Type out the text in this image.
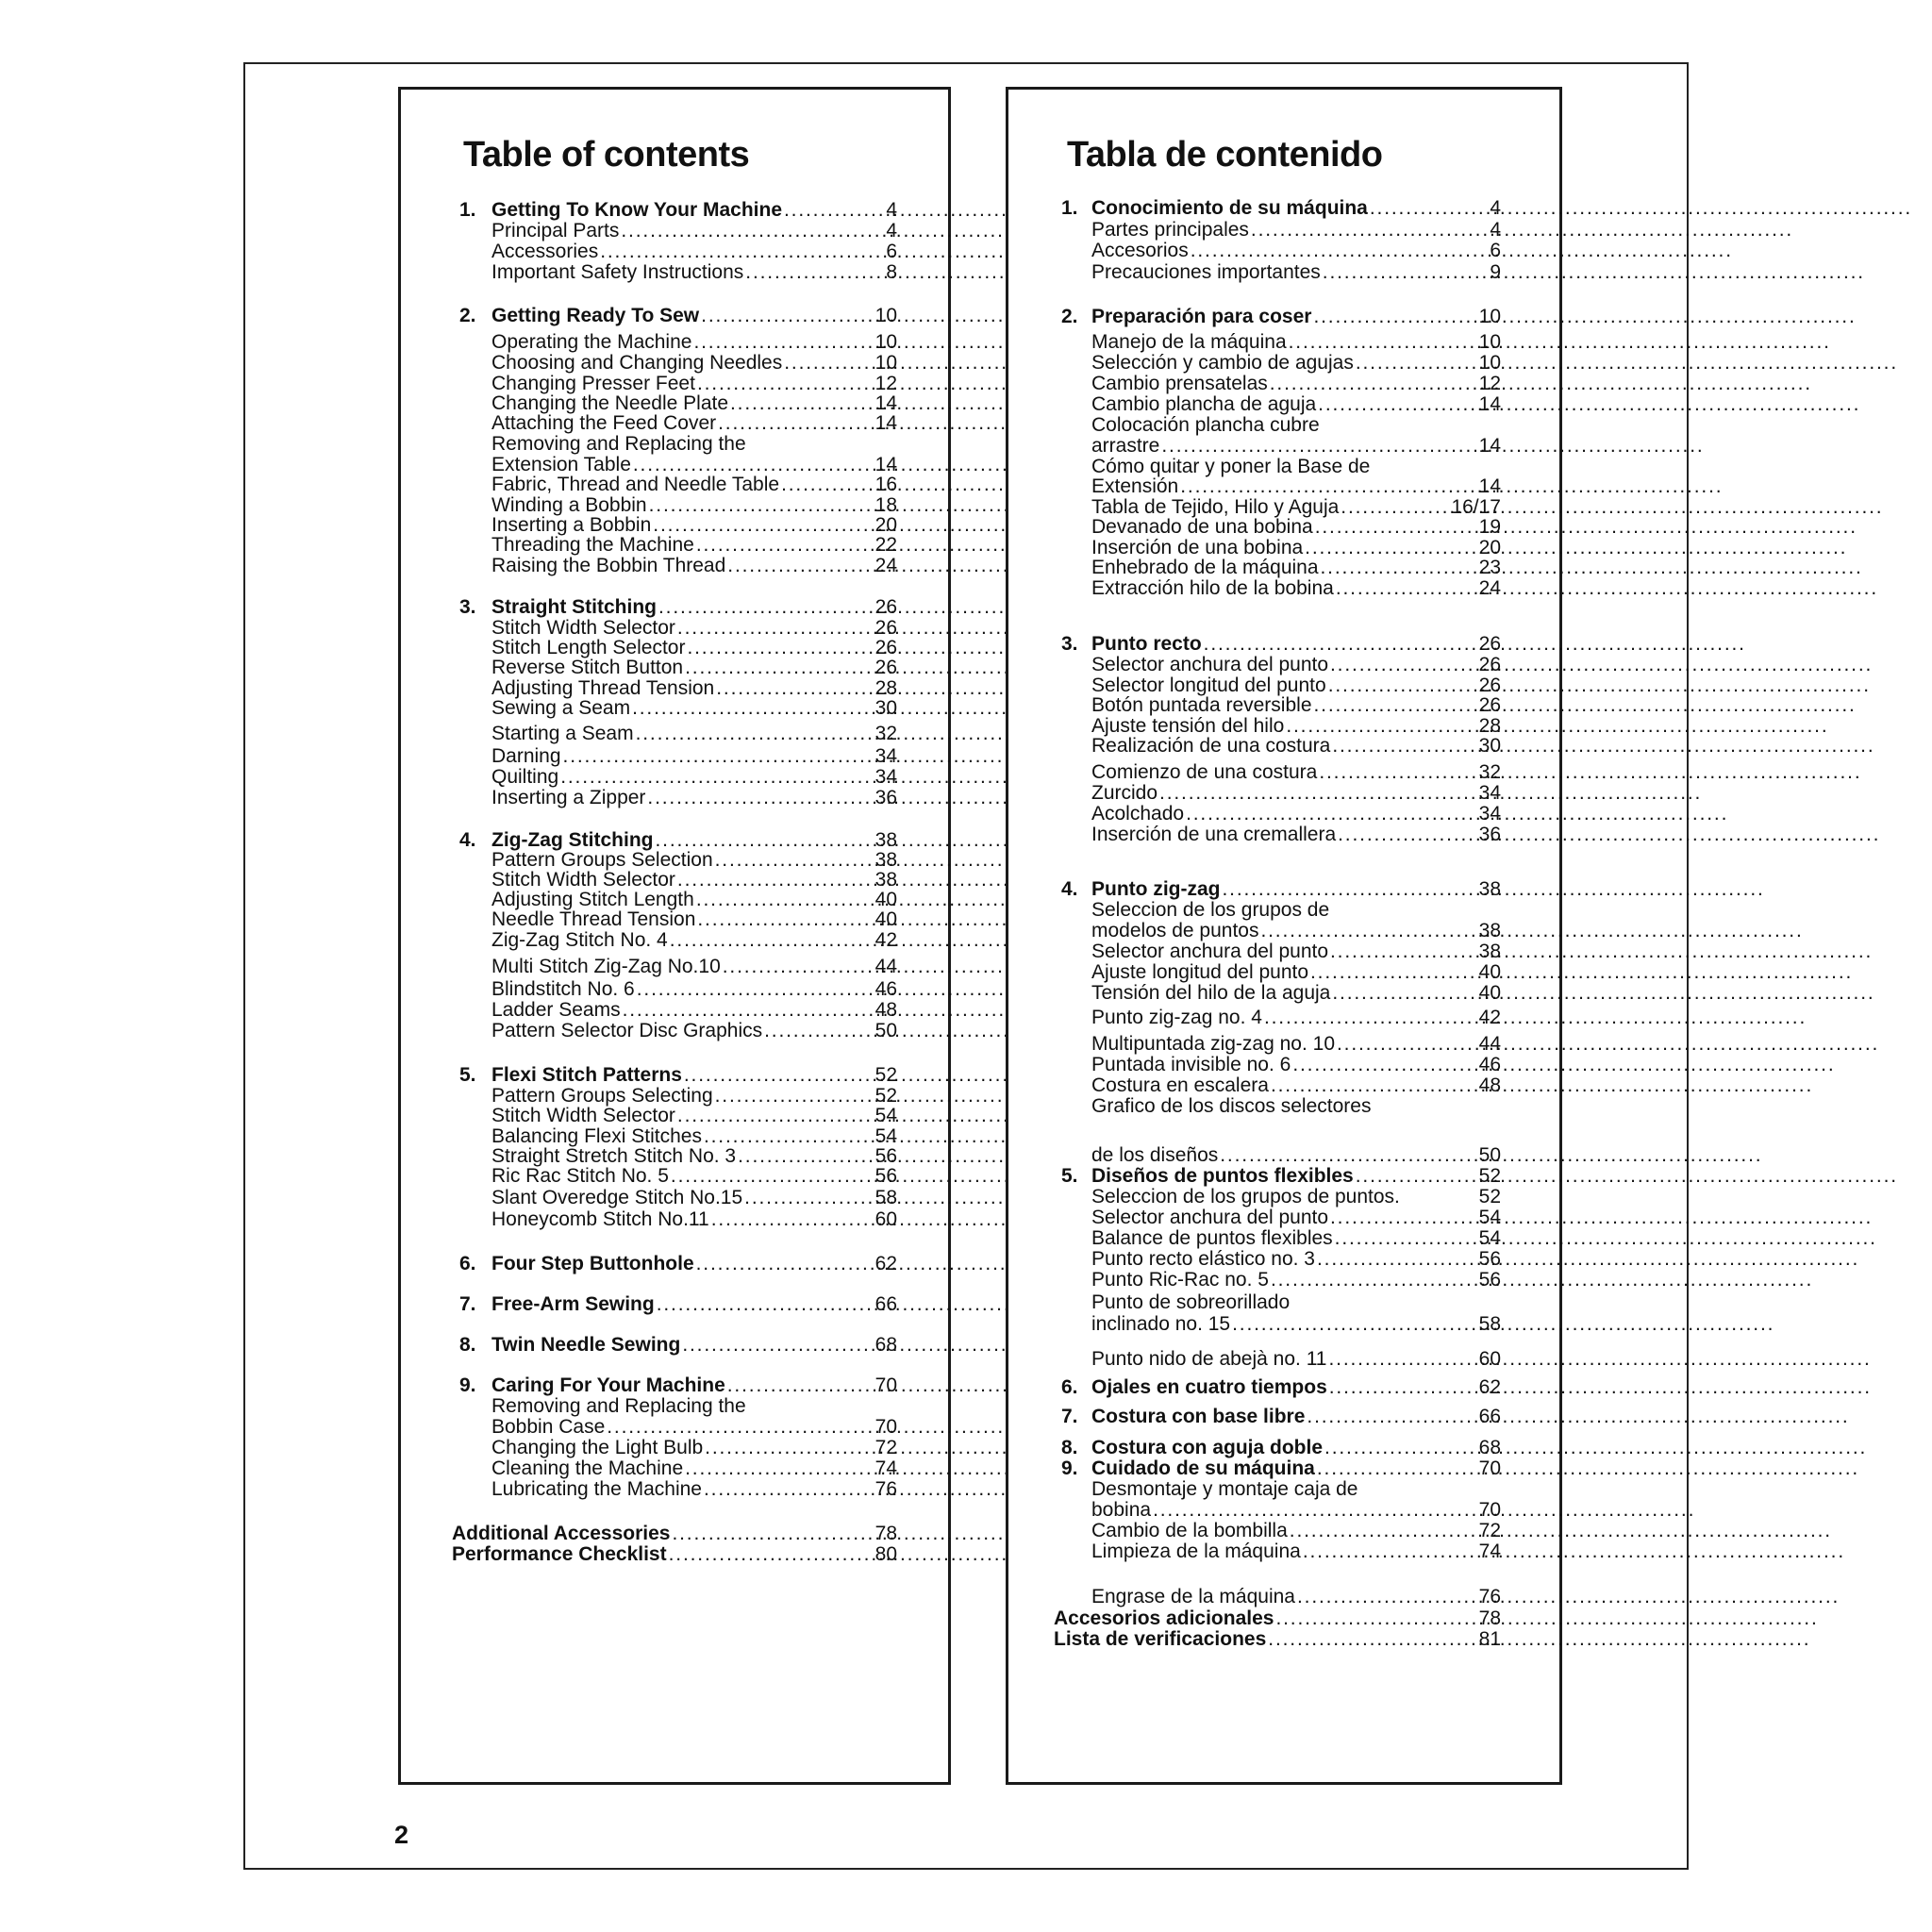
Table of contents
1. Getting To Know Your Machine . . .	4
Principal Parts . . .	4
Accessories . . .	6
Important Safety Instructions . . .	8
2. Getting Ready To Sew . . .	10
Operating the Machine . . .	10
Choosing and Changing Needles . . .	10
Changing Presser Feet . . .	12
Changing the Needle Plate . . .	14
Attaching the Feed Cover . . .	14
Removing and Replacing the
Extension Table . . .	14
Fabric, Thread and Needle Table . . .	16
Winding a Bobbin . . .	18
Inserting a Bobbin . . .	20
Threading the Machine . . .	22
Raising the Bobbin Thread . . .	24
3. Straight Stitching . . .	26
Stitch Width Selector . . .	26
Stitch Length Selector . . .	26
Reverse Stitch Button . . .	26
Adjusting Thread Tension . . .	28
Sewing a Seam . . .	30
Starting a Seam . . .	32
Darning . . .	34
Quilting . . .	34
Inserting a Zipper . . .	36
4. Zig-Zag Stitching . . .	38
Pattern Groups Selection . . .	38
Stitch Width Selector . . .	38
Adjusting Stitch Length . . .	40
Needle Thread Tension . . .	40
Zig-Zag Stitch No. 4 . . .	42
Multi Stitch Zig-Zag No.10 . . .	44
Blindstitch No. 6 . . .	46
Ladder Seams . . .	48
Pattern Selector Disc Graphics . . .	50
5. Flexi Stitch Patterns . . .	52
Pattern Groups Selecting . . .	52
Stitch Width Selector . . .	54
Balancing Flexi Stitches . . .	54
Straight Stretch Stitch No. 3 . . .	56
Ric Rac Stitch No. 5 . . .	56
Slant Overedge Stitch No.15 . . .	58
Honeycomb Stitch No.11 . . .	60
6. Four Step Buttonhole . . .	62
7. Free-Arm Sewing . . .	66
8. Twin Needle Sewing . . .	68
9. Caring For Your Machine . . .	70
Removing and Replacing the
Bobbin Case . . .	70
Changing the Light Bulb . . .	72
Cleaning the Machine . . .	74
Lubricating the Machine . . .	76
Additional Accessories . . .	78
Performance Checklist . . .	80
Tabla de contenido
1. Conocimiento de su máquina . . .	4
Partes principales . . .	4
Accesorios . . .	6
Precauciones importantes . . .	9
2. Preparación para coser . . .	10
Manejo de la máquina . . .	10
Selección y cambio de agujas . . .	10
Cambio prensatelas . . .	12
Cambio plancha de aguja . . .	14
Colocación plancha cubre
arrastre . . .	14
Cómo quitar y poner la Base de
Extensión . . .	14
Tabla de Tejido, Hilo y Aguja . . .	16/17
Devanado de una bobina . . .	19
Inserción de una bobina . . .	20
Enhebrado de la máquina . . .	23
Extracción hilo de la bobina . . .	24
3. Punto recto . . .	26
Selector anchura del punto . . .	26
Selector longitud del punto . . .	26
Botón puntada reversible . . .	26
Ajuste tensión del hilo . . .	28
Realización de una costura . . .	30
Comienzo de una costura . . .	32
Zurcido . . .	34
Acolchado . . .	34
Inserción de una cremallera . . .	36
4. Punto zig-zag . . .	38
Seleccion de los grupos de
modelos de puntos . . .	38
Selector anchura del punto . . .	38
Ajuste longitud del punto . . .	40
Tensión del hilo de la aguja . . .	40
Punto zig-zag no. 4 . . .	42
Multipuntada zig-zag no. 10 . . .	44
Puntada invisible no. 6 . . .	46
Costura en escalera . . .	48
Grafico de los discos selectores
de los diseños . . .	50
5. Diseños de puntos flexibles . . .	52
Seleccion de los grupos de puntos.	52
Selector anchura del punto . . .	54
Balance de puntos flexibles . . .	54
Punto recto elástico no. 3 . . .	56
Punto Ric-Rac no. 5 . . .	56
Punto de sobreorillado
inclinado no. 15 . . .	58
Punto nido de abejà no. 11 . . .	60
6. Ojales en cuatro tiempos . . .	62
7. Costura con base libre . . .	66
8. Costura con aguja doble . . .	68
9. Cuidado de su máquina . . .	70
Desmontaje y montaje caja de
bobina . . .	70
Cambio de la bombilla . . .	72
Limpieza de la máquina . . .	74
Engrase de la máquina . . .	76
Accesorios adicionales . . .	78
Lista de verificaciones . . .	81
2
